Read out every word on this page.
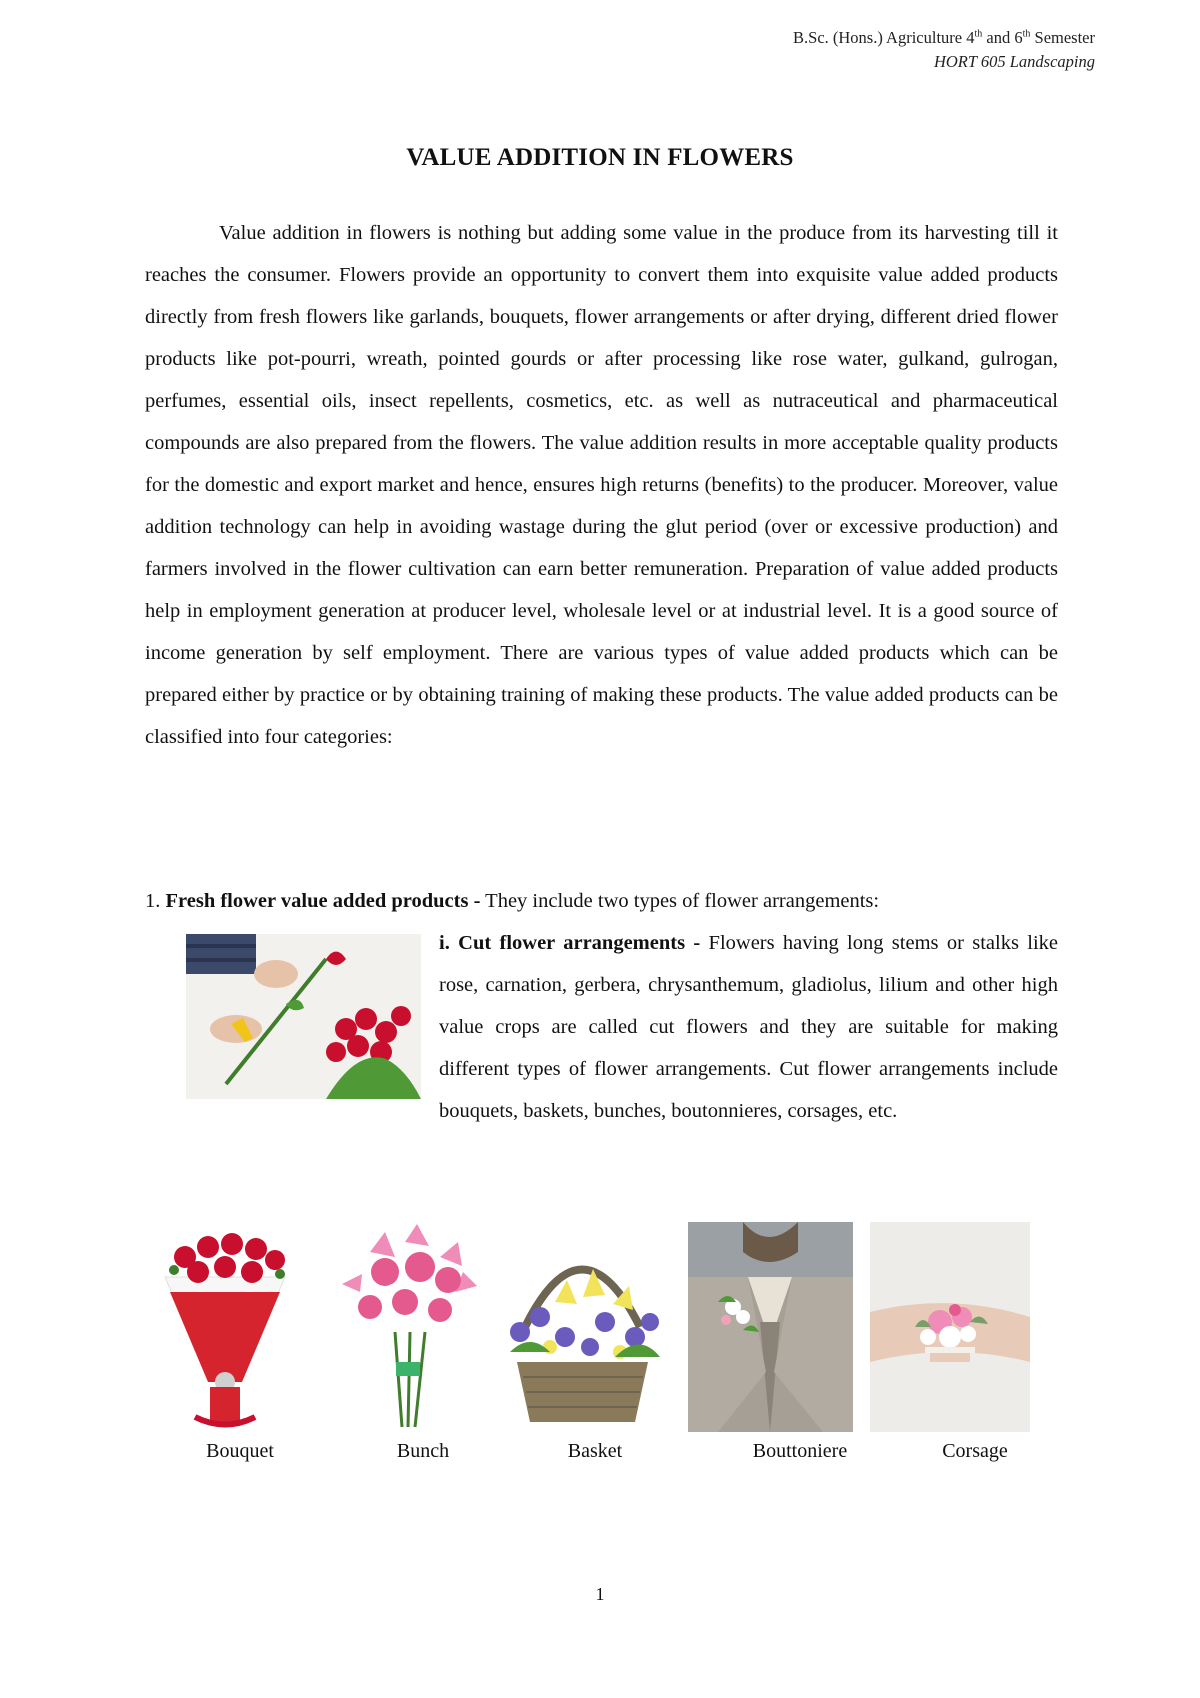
B.Sc. (Hons.) Agriculture 4th and 6th Semester
HORT 605 Landscaping
VALUE ADDITION IN FLOWERS

Value addition in flowers is nothing but adding some value in the produce from its harvesting till it reaches the consumer. Flowers provide an opportunity to convert them into exquisite value added products directly from fresh flowers like garlands, bouquets, flower arrangements or after drying, different dried flower products like pot-pourri, wreath, pointed gourds or after processing like rose water, gulkand, gulrogan, perfumes, essential oils, insect repellents, cosmetics, etc. as well as nutraceutical and pharmaceutical compounds are also prepared from the flowers. The value addition results in more acceptable quality products for the domestic and export market and hence, ensures high returns (benefits) to the producer. Moreover, value addition technology can help in avoiding wastage during the glut period (over or excessive production) and farmers involved in the flower cultivation can earn better remuneration. Preparation of value added products help in employment generation at producer level, wholesale level or at industrial level. It is a good source of income generation by self employment. There are various types of value added products which can be prepared either by practice or by obtaining training of making these products. The value added products can be classified into four categories:

1. Fresh flower value added products - They include two types of flower arrangements:

i. Cut flower arrangements -
Flowers having long stems or stalks like rose, carnation, gerbera, chrysanthemum, gladiolus, lilium and other high value crops are called cut flowers and they are suitable for making different types of flower arrangements. Cut flower arrangements include bouquets, baskets, bunches, boutonnieres, corsages, etc.

Bouquet	Bunch	Basket	Bouttoniere	Corsage
1
